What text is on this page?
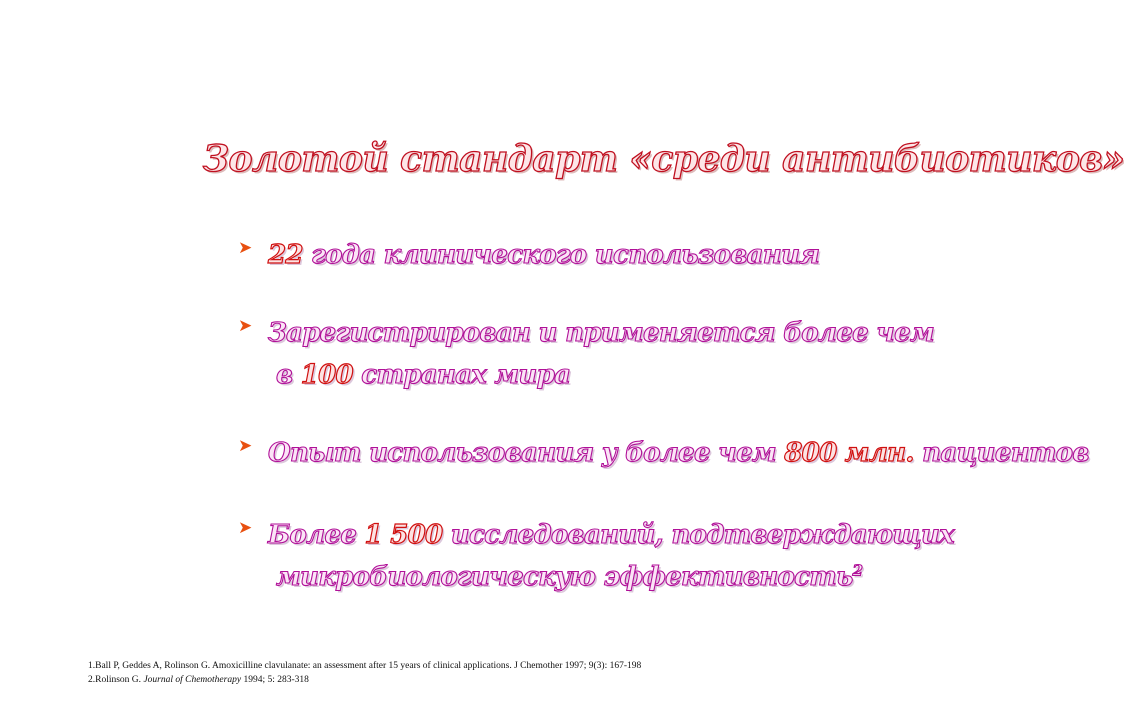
Золотой стандарт «среди антибиотиков»
➤ 22 года клинического использования
➤ Зарегистрирован и применяется более чем
в 100 странах мира
➤ Опыт использования у более чем 800 млн. пациентов
➤ Более 1 500 исследований, подтверждающих
микробиологическую эффективность$^2$
1.Ball P, Geddes A, Rolinson G. Amoxicilline clavulanate: an assessment after 15 years of clinical applications. J Chemother 1997; 9(3): 167-198
2.Rolinson G. Journal of Chemotherapy 1994; 5: 283-318
